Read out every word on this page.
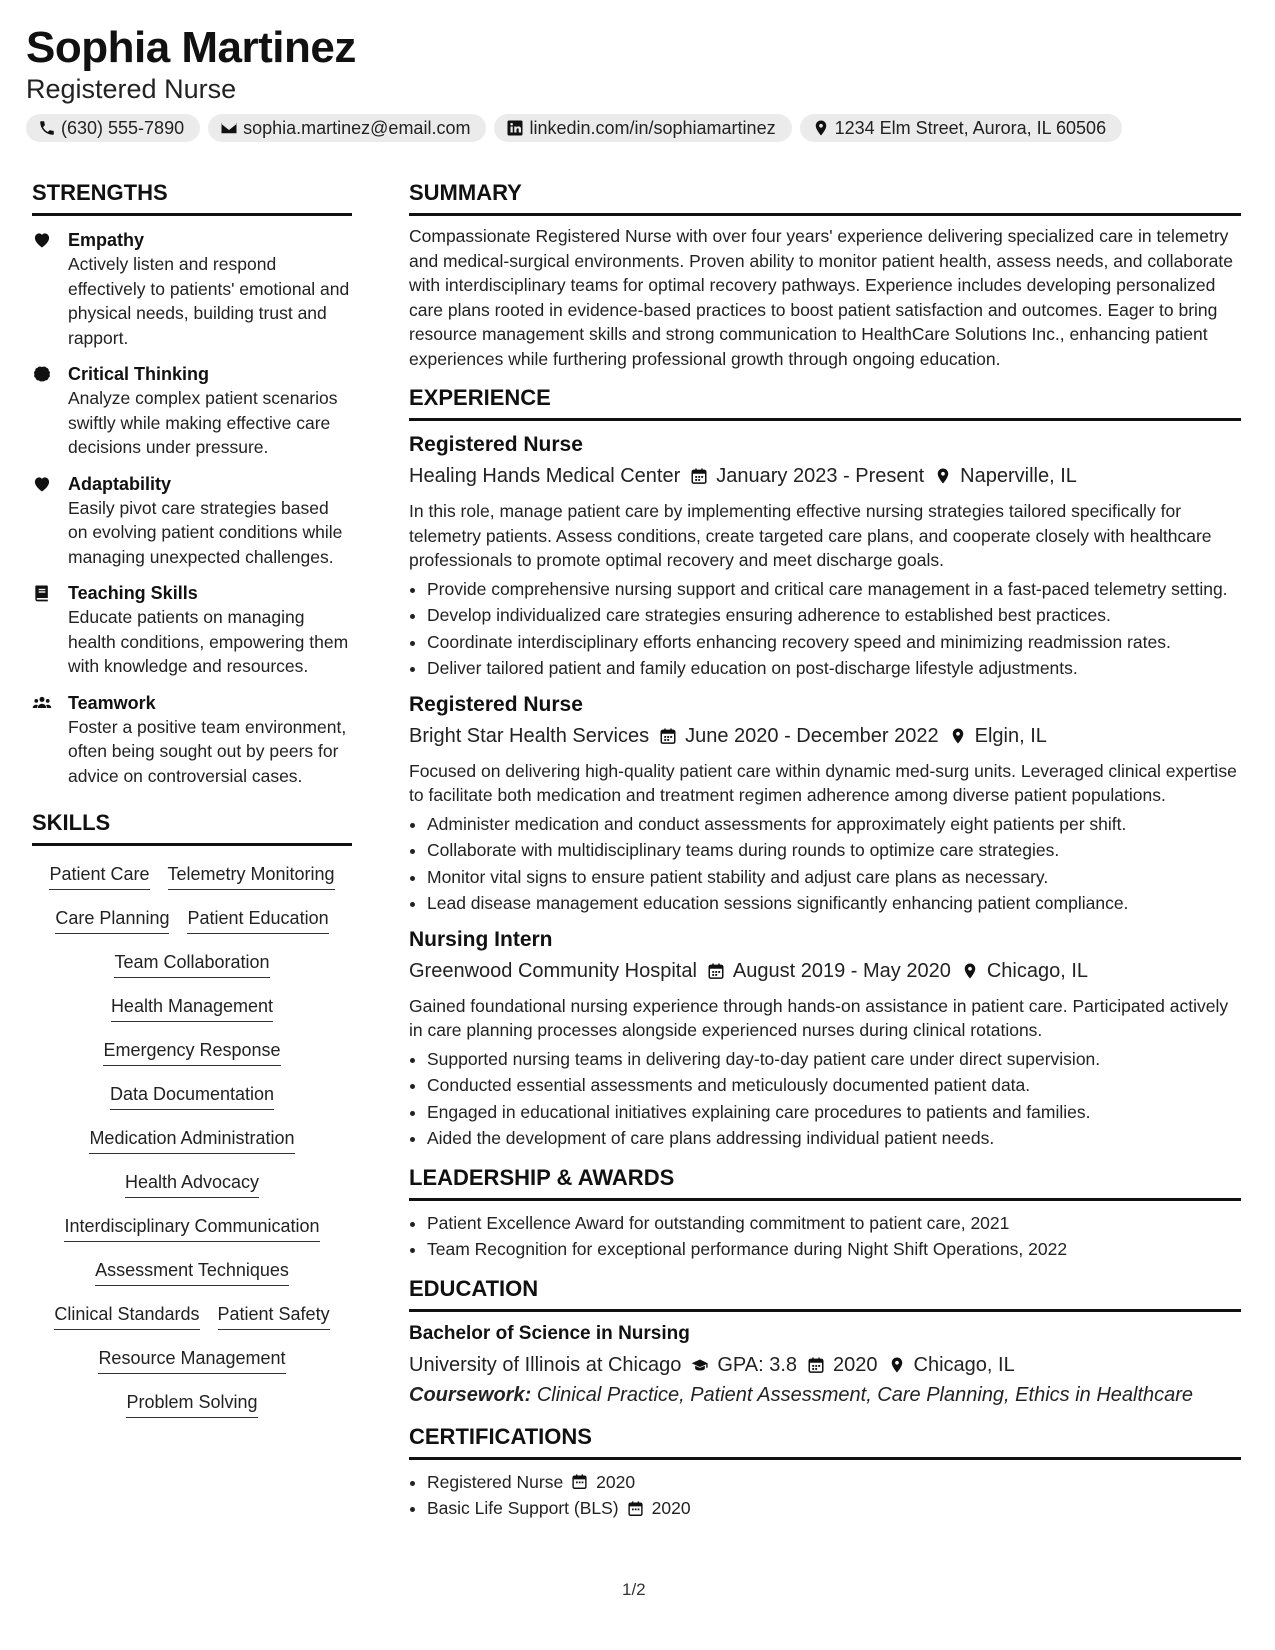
Sophia Martinez
Registered Nurse
(630) 555-7890	sophia.martinez@email.com	linkedin.com/in/sophiamartinez	1234 Elm Street, Aurora, IL 60506
STRENGTHS
Empathy
Actively listen and respond effectively to patients' emotional and physical needs, building trust and rapport.
Critical Thinking
Analyze complex patient scenarios swiftly while making effective care decisions under pressure.
Adaptability
Easily pivot care strategies based on evolving patient conditions while managing unexpected challenges.
Teaching Skills
Educate patients on managing health conditions, empowering them with knowledge and resources.
Teamwork
Foster a positive team environment, often being sought out by peers for advice on controversial cases.
SKILLS
Patient Care Telemetry Monitoring
Care Planning Patient Education
Team Collaboration
Health Management
Emergency Response
Data Documentation
Medication Administration
Health Advocacy
Interdisciplinary Communication
Assessment Techniques
Clinical Standards Patient Safety
Resource Management
Problem Solving
SUMMARY
Compassionate Registered Nurse with over four years' experience delivering specialized care in telemetry and medical-surgical environments. Proven ability to monitor patient health, assess needs, and collaborate with interdisciplinary teams for optimal recovery pathways. Experience includes developing personalized care plans rooted in evidence-based practices to boost patient satisfaction and outcomes. Eager to bring resource management skills and strong communication to HealthCare Solutions Inc., enhancing patient experiences while furthering professional growth through ongoing education.
EXPERIENCE
Registered Nurse
Healing Hands Medical Center January 2023 - Present Naperville, IL
In this role, manage patient care by implementing effective nursing strategies tailored specifically for telemetry patients. Assess conditions, create targeted care plans, and cooperate closely with healthcare professionals to promote optimal recovery and meet discharge goals.
• Provide comprehensive nursing support and critical care management in a fast-paced telemetry setting.
• Develop individualized care strategies ensuring adherence to established best practices.
• Coordinate interdisciplinary efforts enhancing recovery speed and minimizing readmission rates.
• Deliver tailored patient and family education on post-discharge lifestyle adjustments.
Registered Nurse
Bright Star Health Services June 2020 - December 2022 Elgin, IL
Focused on delivering high-quality patient care within dynamic med-surg units. Leveraged clinical expertise to facilitate both medication and treatment regimen adherence among diverse patient populations.
• Administer medication and conduct assessments for approximately eight patients per shift.
• Collaborate with multidisciplinary teams during rounds to optimize care strategies.
• Monitor vital signs to ensure patient stability and adjust care plans as necessary.
• Lead disease management education sessions significantly enhancing patient compliance.
Nursing Intern
Greenwood Community Hospital August 2019 - May 2020 Chicago, IL
Gained foundational nursing experience through hands-on assistance in patient care. Participated actively in care planning processes alongside experienced nurses during clinical rotations.
• Supported nursing teams in delivering day-to-day patient care under direct supervision.
• Conducted essential assessments and meticulously documented patient data.
• Engaged in educational initiatives explaining care procedures to patients and families.
• Aided the development of care plans addressing individual patient needs.
LEADERSHIP & AWARDS
• Patient Excellence Award for outstanding commitment to patient care, 2021
• Team Recognition for exceptional performance during Night Shift Operations, 2022
EDUCATION
Bachelor of Science in Nursing
University of Illinois at Chicago GPA: 3.8 2020 Chicago, IL
Coursework: Clinical Practice, Patient Assessment, Care Planning, Ethics in Healthcare
CERTIFICATIONS
• Registered Nurse 2020
• Basic Life Support (BLS) 2020
1/2
